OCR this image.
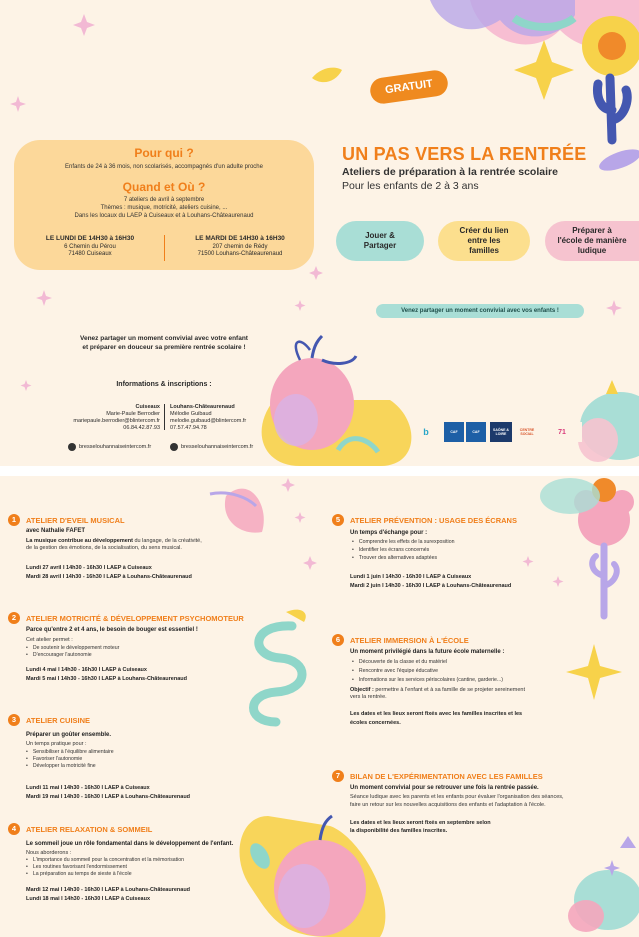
GRATUIT
UN PAS VERS LA RENTRÉE
Ateliers de préparation à la rentrée scolaire
Pour les enfants de 2 à 3 ans
Pour qui ?
Enfants de 24 à 36 mois, non scolarisés, accompagnés d'un adulte proche
Quand et Où ?
7 ateliers de avril à septembre
Thèmes : musique, motricité, ateliers cuisine, ...
Dans les locaux du LAEP à Cuiseaux et à Louhans-Châteaurenaud
LE LUNDI DE 14H30 à 16H30
6 Chemin du Pérou
71480 Cuiseaux
LE MARDI DE 14H30 à 16H30
207 chemin de Rédy
71500 Louhans-Châteaurenaud
Jouer &
Partager
Créer du lien
entre les
familles
Préparer à
l'école de manière
ludique
Venez partager un moment convivial avec vos enfants !
Venez partager un moment convivial avec votre enfant
et préparer en douceur sa première rentrée scolaire !
Informations & inscriptions :
Cuiseaux
Marie-Paule Berrodier
mariepaule.berrodier@blintercom.fr
06.84.42.87.93
Louhans-Châteaurenaud
Mélodie Guibaud
melodie.guibaud@blintercom.fr
07.57.47.94.78
bresselouhannaiseintercom.fr	bresselouhannaiseintercom.fr
b	CAF	CAF	SAÔNE & LOIRE
CENTRE SOCIAL	71
1	ATELIER D'EVEIL MUSICAL
avec Nathalie FAFET
La musique contribue au développement du langage, de la créativité,
de la gestion des émotions, de la socialisation, du sens musical.
Lundi 27 avril I 14h30 - 16h30 I LAEP à Cuiseaux
Mardi 28 avril I 14h30 - 16h30 I LAEP à Louhans-Châteaurenaud
2	ATELIER MOTRICITÉ & DÉVELOPPEMENT PSYCHOMOTEUR
Parce qu'entre 2 et 4 ans, le besoin de bouger est essentiel !
Cet atelier permet :
• De soutenir le développement moteur
• D'encourager l'autonomie
Lundi 4 mai I 14h30 - 16h30 I LAEP à Cuiseaux
Mardi 5 mai I 14h30 - 16h30 I LAEP à Louhans-Châteaurenaud
3	ATELIER CUISINE
Préparer un goûter ensemble.
Un temps pratique pour :
• Sensibiliser à l'équilibre alimentaire
• Favoriser l'autonomie
• Développer la motricité fine
Lundi 11 mai I 14h30 - 16h30 I LAEP à Cuiseaux
Mardi 19 mai I 14h30 - 16h30 I LAEP à Louhans-Châteaurenaud
4	ATELIER RELAXATION & SOMMEIL
Le sommeil joue un rôle fondamental dans le développement de l'enfant.
Nous aborderons :
• L'importance du sommeil pour la concentration et la mémorisation
• Les routines favorisant l'endormissement
• La préparation au temps de sieste à l'école
Mardi 12 mai I 14h30 - 16h30 I LAEP à Louhans-Châteaurenaud
Lundi 18 mai I 14h30 - 16h30 I LAEP à Cuiseaux
5	ATELIER PRÉVENTION : USAGE DES ÉCRANS
Un temps d'échange pour :
• Comprendre les effets de la surexposition
• Identifier les écrans concernés
• Trouver des alternatives adaptées
Lundi 1 juin I 14h30 - 16h30 I LAEP à Cuiseaux
Mardi 2 juin I 14h30 - 16h30 I LAEP à Louhans-Châteaurenaud
6	ATELIER IMMERSION À L'ÉCOLE
Un moment privilégié dans la future école maternelle :
• Découverte de la classe et du matériel
• Rencontre avec l'équipe éducative
• Informations sur les services périscolaires (cantine, garderie...)
Objectif : permettre à l'enfant et à sa famille de se projeter sereinement
vers la rentrée.
Les dates et les lieux seront fixés avec les familles inscrites et les
écoles concernées.
7	BILAN DE L'EXPÉRIMENTATION AVEC LES FAMILLES
Un moment convivial pour se retrouver une fois la rentrée passée.
Séance ludique avec les parents et les enfants pour évaluer l'organisation des séances,
faire un retour sur les nouvelles acquisitions des enfants et l'adaptation à l'école.
Les dates et les lieux seront fixés en septembre selon
la disponibilité des familles inscrites.
